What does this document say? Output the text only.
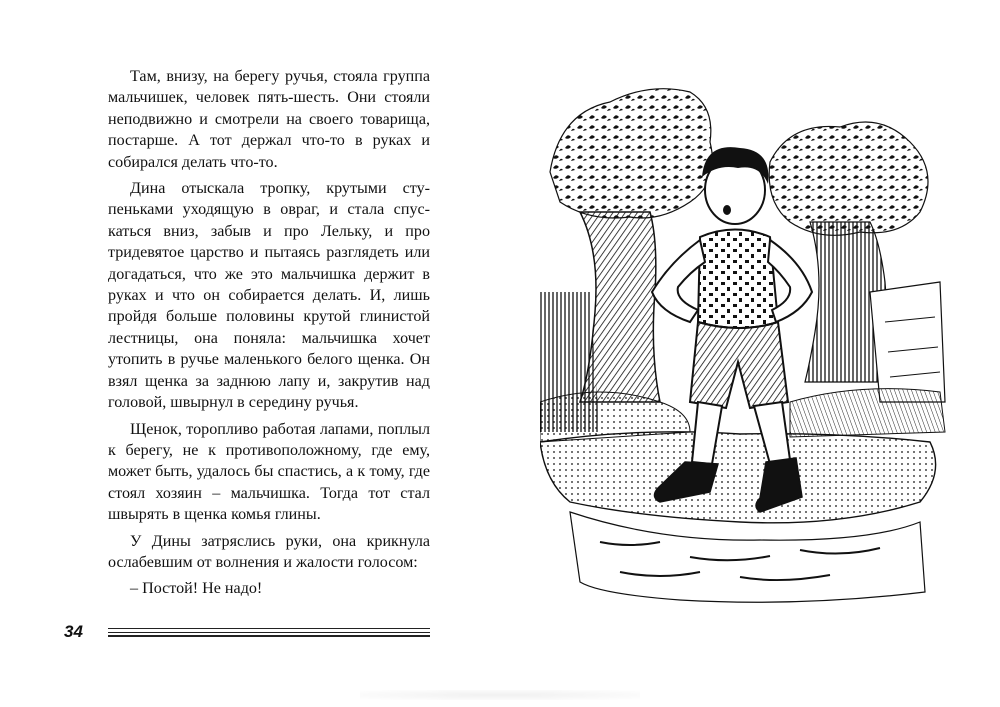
Там, внизу, на берегу ручья, стояла группа мальчишек, человек пять-шесть. Они стояли неподвижно и смотрели на своего товарища, постарше. А тот держал что-то в руках и собирался делать что-то.

Дина отыскала тропку, крутыми ступеньками уходящую в овраг, и стала спускаться вниз, забыв и про Лельку, и про тридевятое царство и пытаясь разглядеть или догадаться, что же это мальчишка держит в руках и что он собирается делать. И, лишь пройдя больше половины крутой глинистой лестницы, она поняла: мальчишка хочет утопить в ручье маленького белого щенка. Он взял щенка за заднюю лапу и, закрутив над головой, швырнул в середину ручья.

Щенок, торопливо работая лапами, поплыл к берегу, не к противоположному, где ему, может быть, удалось бы спастись, а к тому, где стоял хозяин – мальчишка. Тогда тот стал швырять в щенка комья глины.

У Дины затряслись руки, она крикнула ослабевшим от волнения и жалости голосом:

– Постой! Не надо!

34
